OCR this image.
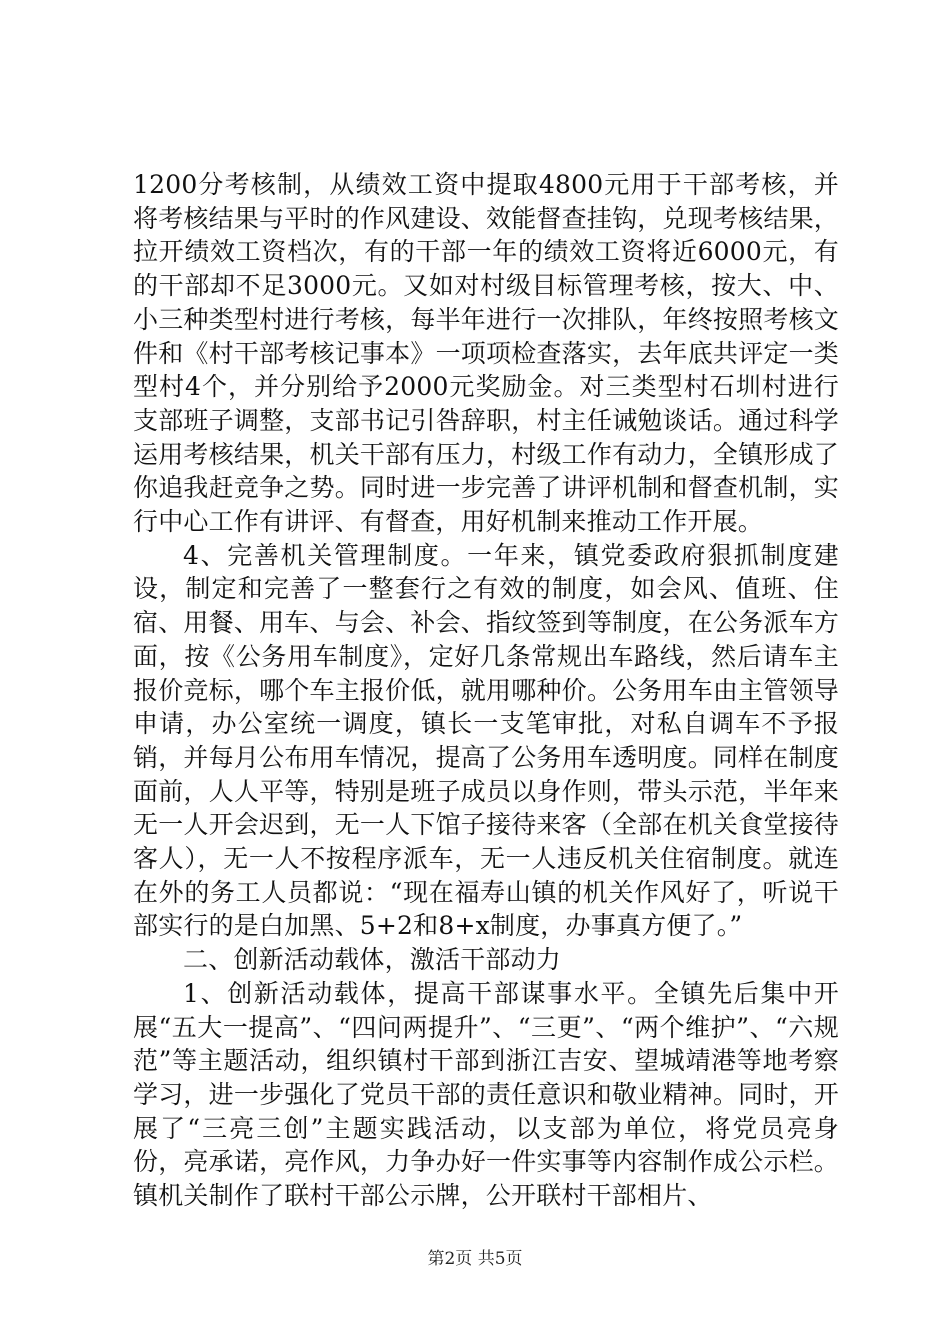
1200分考核制，从绩效工资中提取4800元用于干部考核，并将考核结果与平时的作风建设、效能督查挂钩，兑现考核结果，拉开绩效工资档次，有的干部一年的绩效工资将近6000元，有的干部却不足3000元。又如对村级目标管理考核，按大、中、小三种类型村进行考核，每半年进行一次排队，年终按照考核文件和《村干部考核记事本》一项项检查落实，去年底共评定一类型村4个，并分别给予2000元奖励金。对三类型村石圳村进行支部班子调整，支部书记引咎辞职，村主任诫勉谈话。通过科学运用考核结果，机关干部有压力，村级工作有动力，全镇形成了你追我赶竞争之势。同时进一步完善了讲评机制和督查机制，实行中心工作有讲评、有督查，用好机制来推动工作开展。

4、完善机关管理制度。一年来，镇党委政府狠抓制度建设，制定和完善了一整套行之有效的制度，如会风、值班、住宿、用餐、用车、与会、补会、指纹签到等制度，在公务派车方面，按《公务用车制度》，定好几条常规出车路线，然后请车主报价竞标，哪个车主报价低，就用哪种价。公务用车由主管领导申请，办公室统一调度，镇长一支笔审批，对私自调车不予报销，并每月公布用车情况，提高了公务用车透明度。同样在制度面前，人人平等，特别是班子成员以身作则，带头示范，半年来无一人开会迟到，无一人下馆子接待来客（全部在机关食堂接待客人），无一人不按程序派车，无一人违反机关住宿制度。就连在外的务工人员都说：“现在福寿山镇的机关作风好了，听说干部实行的是白加黑、5+2和8+x制度，办事真方便了。”

二、创新活动载体，激活干部动力

1、创新活动载体，提高干部谋事水平。全镇先后集中开展“五大一提高”、“四问两提升”、“三更”、“两个维护”、“六规范”等主题活动，组织镇村干部到浙江吉安、望城靖港等地考察学习，进一步强化了党员干部的责任意识和敬业精神。同时，开展了“三亮三创”主题实践活动，以支部为单位，将党员亮身份，亮承诺，亮作风，力争办好一件实事等内容制作成公示栏。镇机关制作了联村干部公示牌，公开联村干部相片、

第2页 共5页
